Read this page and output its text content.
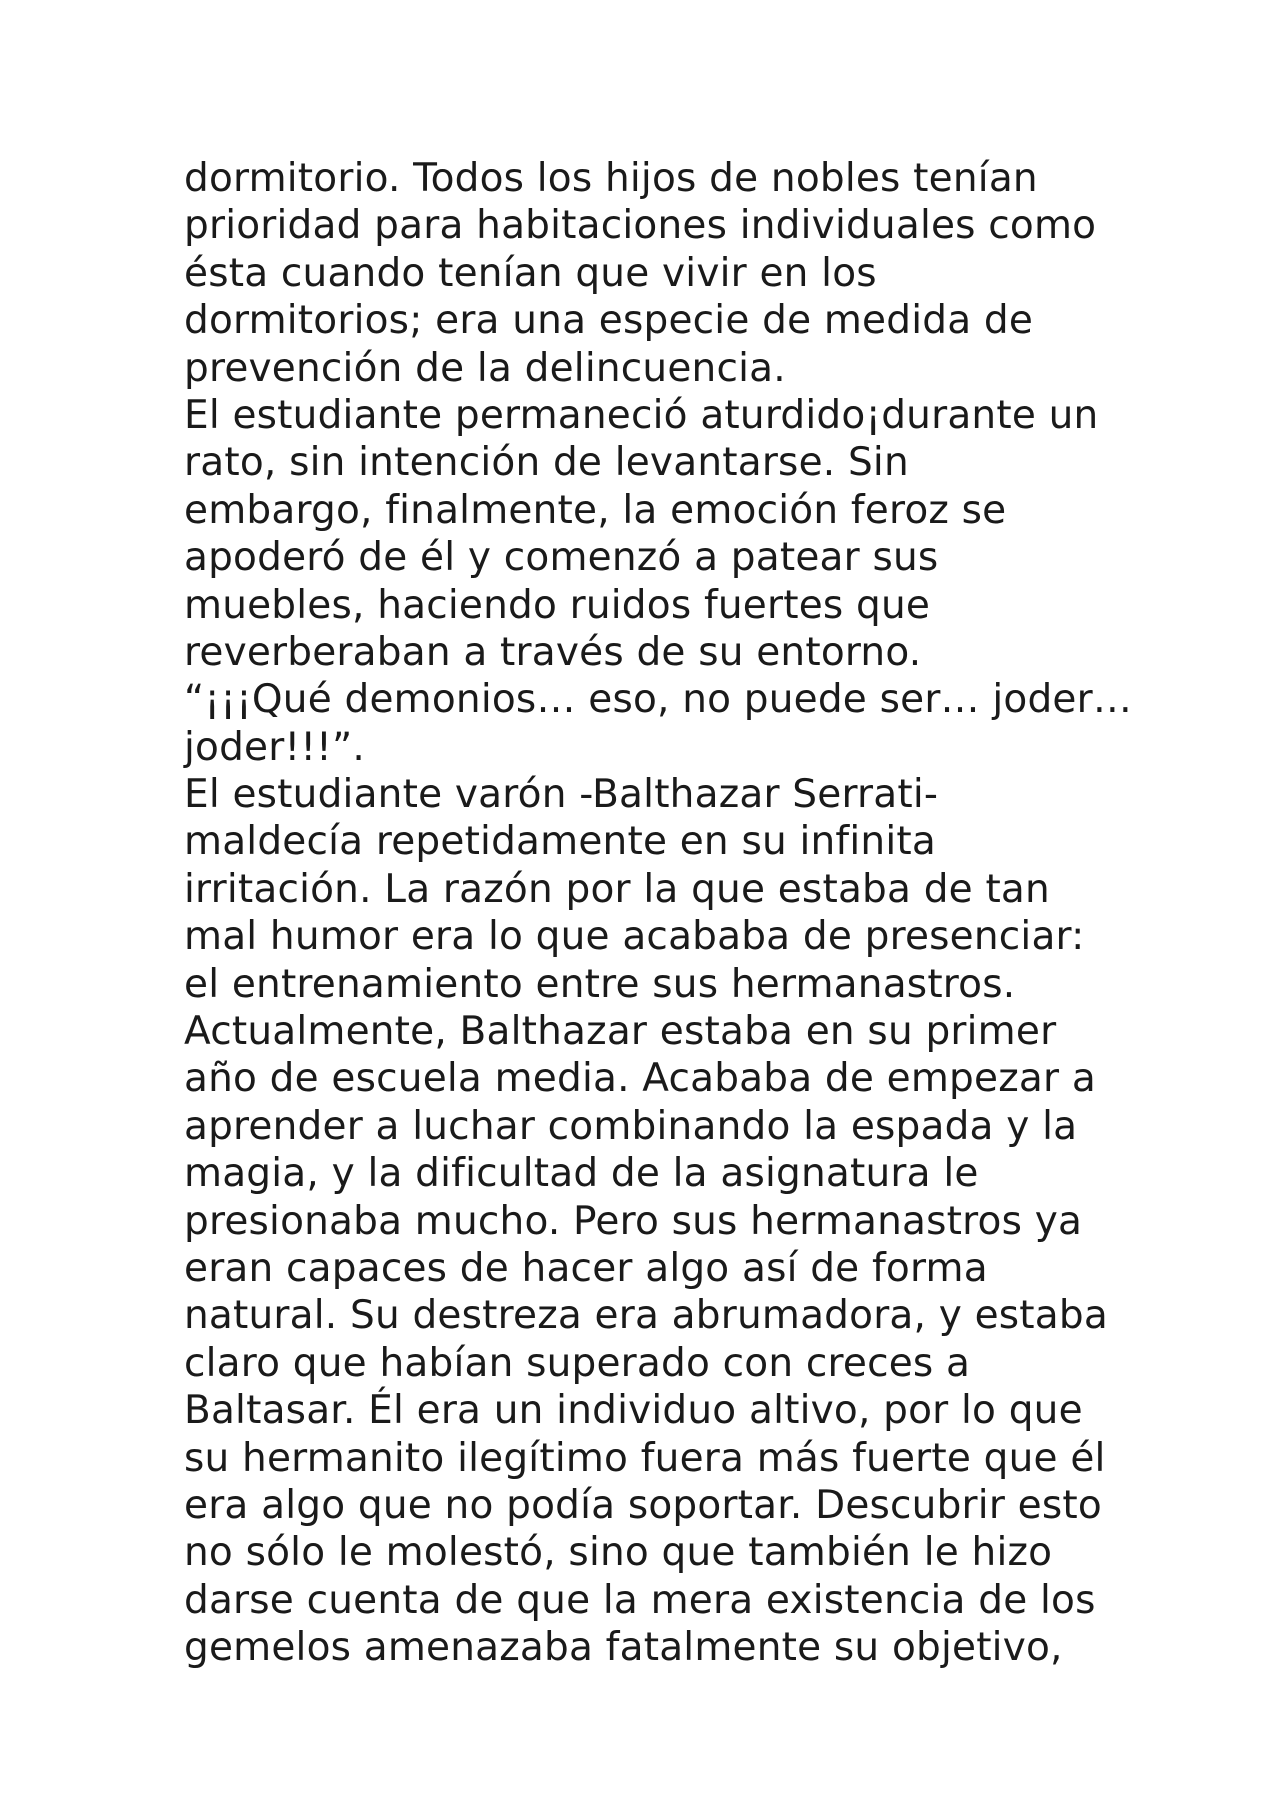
dormitorio. Todos los hijos de nobles tenían
prioridad para habitaciones individuales como
ésta cuando tenían que vivir en los
dormitorios; era una especie de medida de
prevención de la delincuencia.
El estudiante permaneció aturdido¡durante un
rato, sin intención de levantarse. Sin
embargo, finalmente, la emoción feroz se
apoderó de él y comenzó a patear sus
muebles, haciendo ruidos fuertes que
reverberaban a través de su entorno.
“¡¡¡Qué demonios… eso, no puede ser… joder…
joder!!!”.
El estudiante varón -Balthazar Serrati-
maldecía repetidamente en su infinita
irritación. La razón por la que estaba de tan
mal humor era lo que acababa de presenciar:
el entrenamiento entre sus hermanastros.
Actualmente, Balthazar estaba en su primer
año de escuela media. Acababa de empezar a
aprender a luchar combinando la espada y la
magia, y la dificultad de la asignatura le
presionaba mucho. Pero sus hermanastros ya
eran capaces de hacer algo así de forma
natural. Su destreza era abrumadora, y estaba
claro que habían superado con creces a
Baltasar. Él era un individuo altivo, por lo que
su hermanito ilegítimo fuera más fuerte que él
era algo que no podía soportar. Descubrir esto
no sólo le molestó, sino que también le hizo
darse cuenta de que la mera existencia de los
gemelos amenazaba fatalmente su objetivo,
